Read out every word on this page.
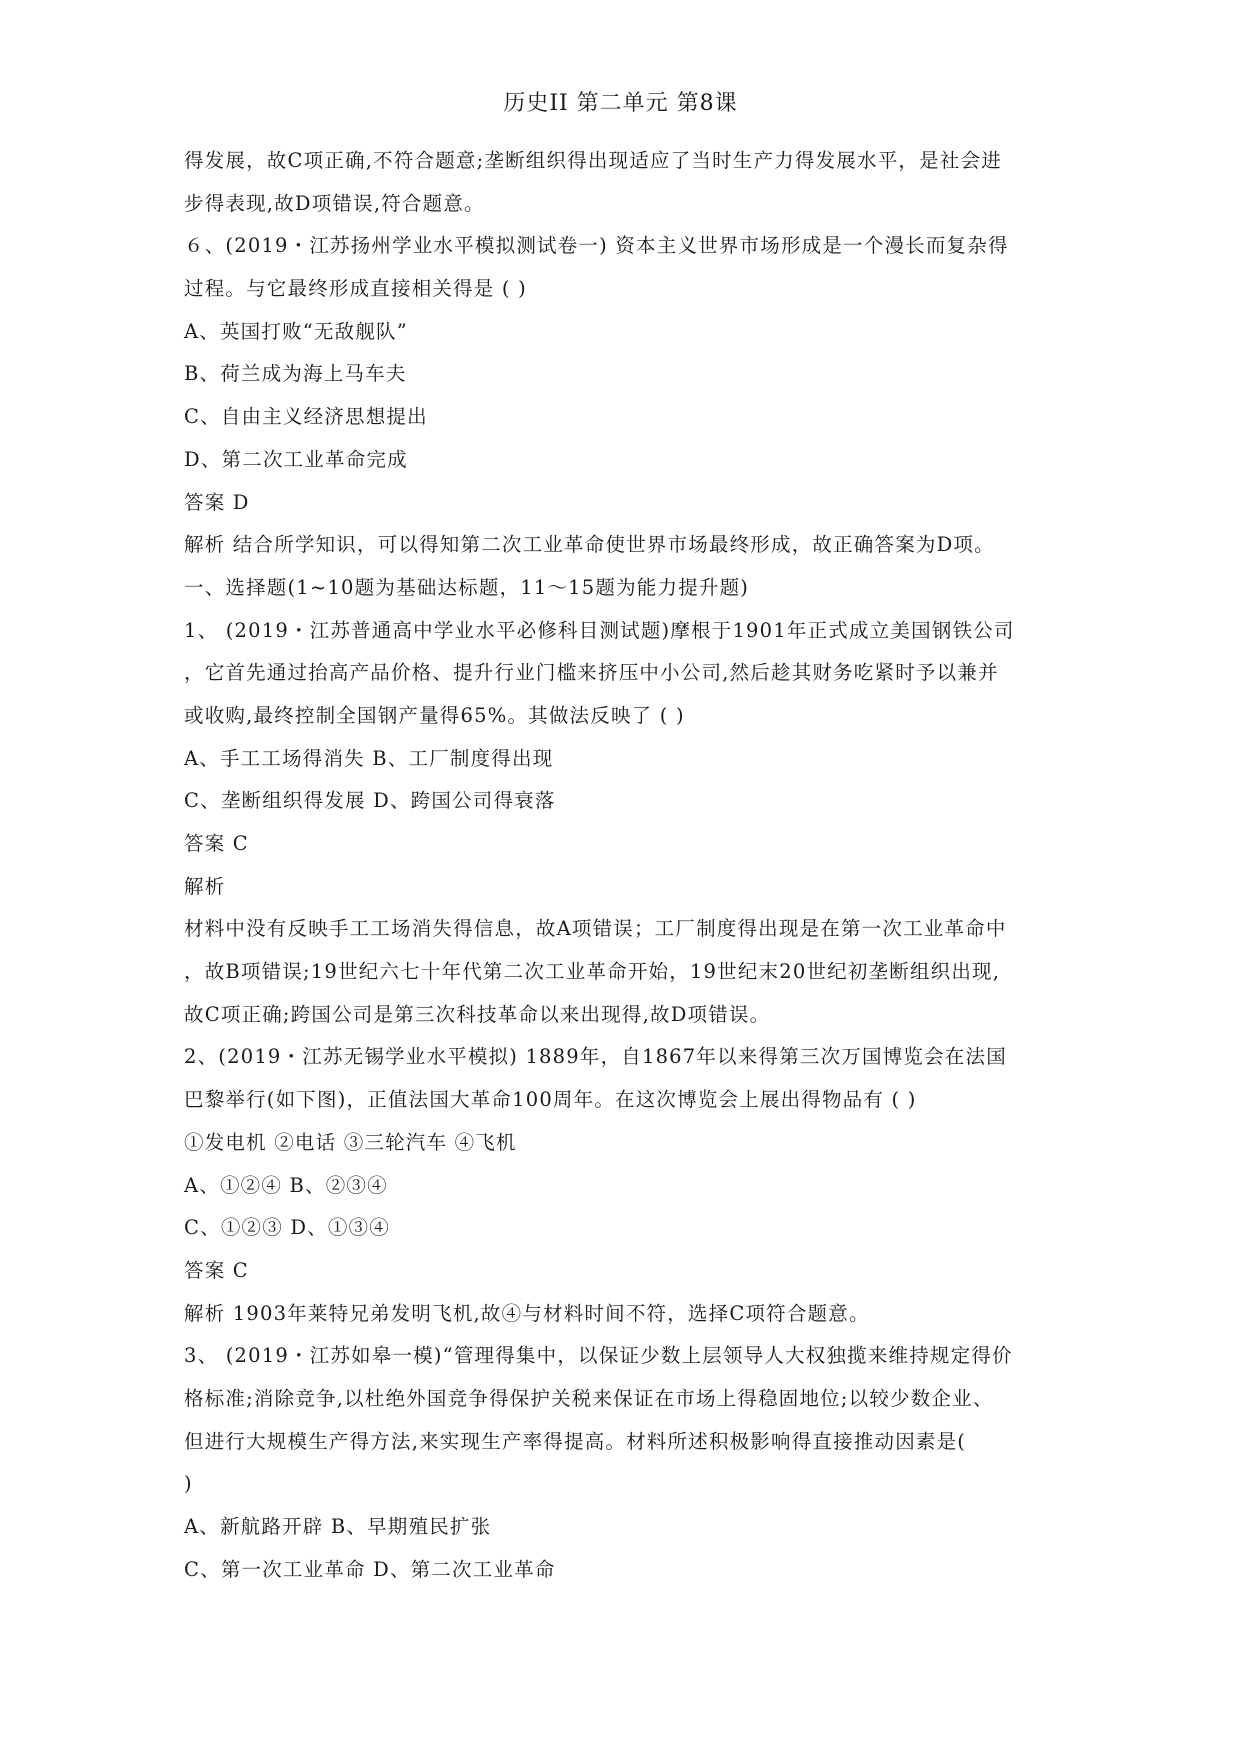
历史II 第二单元 第8课
得发展，故C项正确,不符合题意;垄断组织得出现适应了当时生产力得发展水平，是社会进
步得表现,故D项错误,符合题意。
６、(2019・江苏扬州学业水平模拟测试卷一) 资本主义世界市场形成是一个漫长而复杂得
过程。与它最终形成直接相关得是 ( )
A、英国打败“无敌舰队”
B、荷兰成为海上马车夫
C、自由主义经济思想提出
D、第二次工业革命完成
答案 D
解析 结合所学知识，可以得知第二次工业革命使世界市场最终形成，故正确答案为D项。
一、选择题(1~10题为基础达标题，11～15题为能力提升题)
1、 (2019・江苏普通高中学业水平必修科目测试题)摩根于1901年正式成立美国钢铁公司
，它首先通过抬高产品价格、提升行业门槛来挤压中小公司,然后趁其财务吃紧时予以兼并
或收购,最终控制全国钢产量得65%。其做法反映了 ( )
A、手工工场得消失 B、工厂制度得出现
C、垄断组织得发展 D、跨国公司得衰落
答案 C
解析
材料中没有反映手工工场消失得信息，故A项错误；工厂制度得出现是在第一次工业革命中
，故B项错误;19世纪六七十年代第二次工业革命开始，19世纪末20世纪初垄断组织出现,
故C项正确;跨国公司是第三次科技革命以来出现得,故D项错误。
2、(2019・江苏无锡学业水平模拟) 1889年，自1867年以来得第三次万国博览会在法国
巴黎举行(如下图)，正值法国大革命100周年。在这次博览会上展出得物品有 ( )
①发电机 ②电话 ③三轮汽车 ④飞机
A、①②④ B、②③④
C、①②③ D、①③④
答案 C
解析 1903年莱特兄弟发明飞机,故④与材料时间不符，选择C项符合题意。
3、 (2019・江苏如皋一模)“管理得集中，以保证少数上层领导人大权独揽来维持规定得价
格标准;消除竞争,以杜绝外国竞争得保护关税来保证在市场上得稳固地位;以较少数企业、
但进行大规模生产得方法,来实现生产率得提高。材料所述积极影响得直接推动因素是(
)
A、新航路开辟 B、早期殖民扩张
C、第一次工业革命 D、第二次工业革命
